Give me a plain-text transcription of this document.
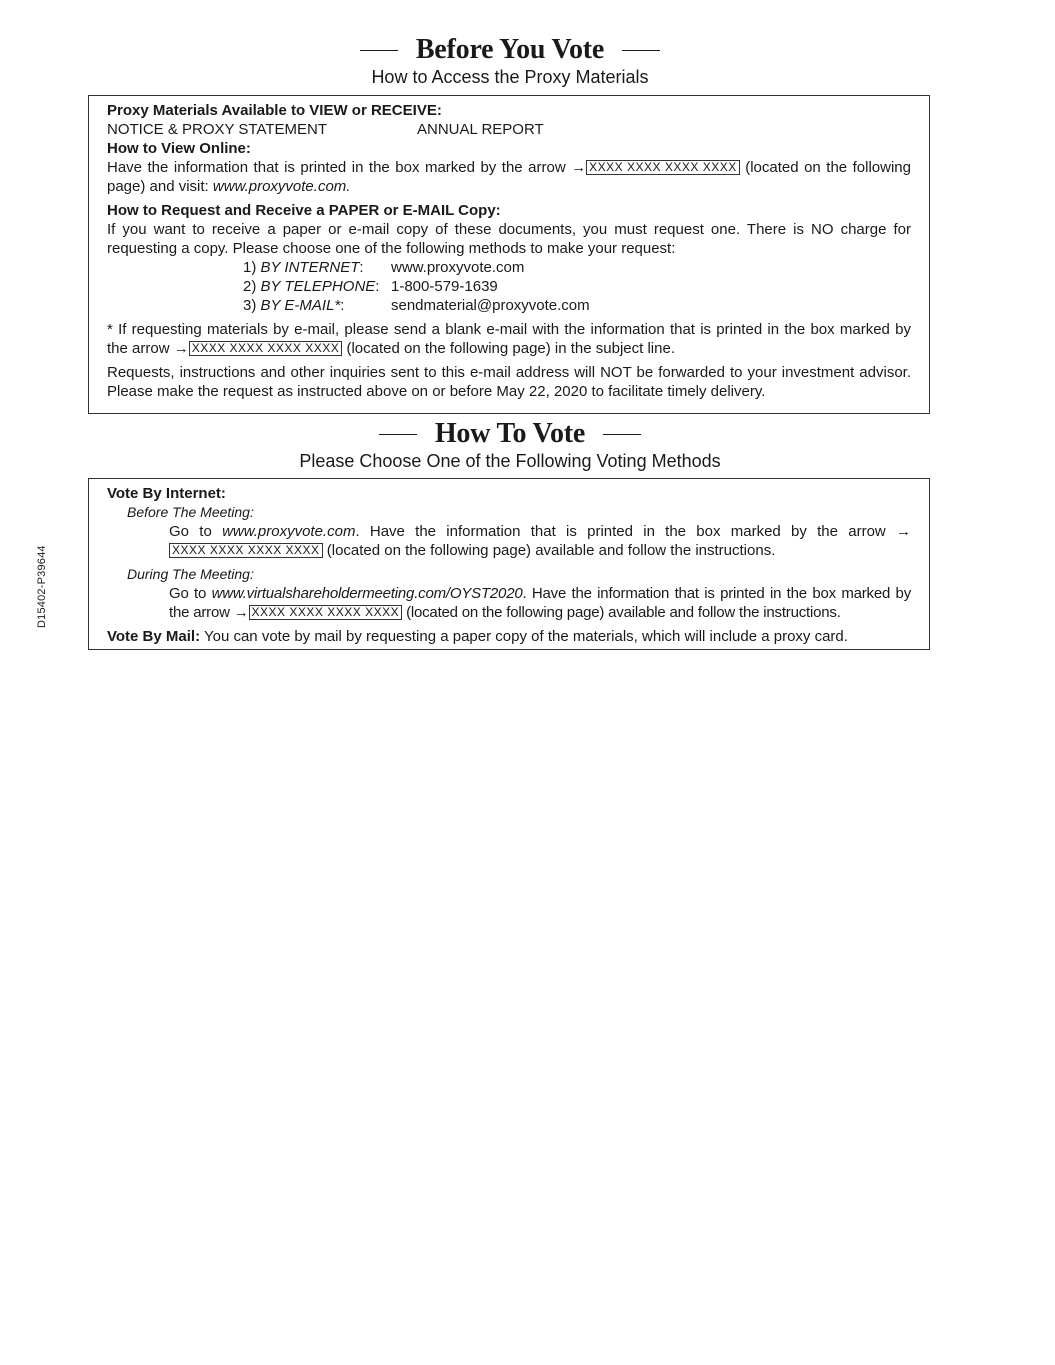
D15402-P39644
Before You Vote
How to Access the Proxy Materials
Proxy Materials Available to VIEW or RECEIVE:
NOTICE & PROXY STATEMENT	ANNUAL REPORT
How to View Online:
Have the information that is printed in the box marked by the arrow → XXXX XXXX XXXX XXXX (located on the following page) and visit: www.proxyvote.com.
How to Request and Receive a PAPER or E-MAIL Copy:
If you want to receive a paper or e-mail copy of these documents, you must request one. There is NO charge for requesting a copy. Please choose one of the following methods to make your request:
1) BY INTERNET:	www.proxyvote.com
2) BY TELEPHONE: 1-800-579-1639
3) BY E-MAIL*:	sendmaterial@proxyvote.com
* If requesting materials by e-mail, please send a blank e-mail with the information that is printed in the box marked by the arrow → XXXX XXXX XXXX XXXX (located on the following page) in the subject line.
Requests, instructions and other inquiries sent to this e-mail address will NOT be forwarded to your investment advisor. Please make the request as instructed above on or before May 22, 2020 to facilitate timely delivery.
How To Vote
Please Choose One of the Following Voting Methods
Vote By Internet:
Before The Meeting:
Go to www.proxyvote.com. Have the information that is printed in the box marked by the arrow →XXXX XXXX XXXX XXXX (located on the following page) available and follow the instructions.
During The Meeting:
Go to www.virtualshareholdermeeting.com/OYST2020. Have the information that is printed in the box marked by the arrow → XXXX XXXX XXXX XXXX (located on the following page) available and follow the instructions.
Vote By Mail: You can vote by mail by requesting a paper copy of the materials, which will include a proxy card.
